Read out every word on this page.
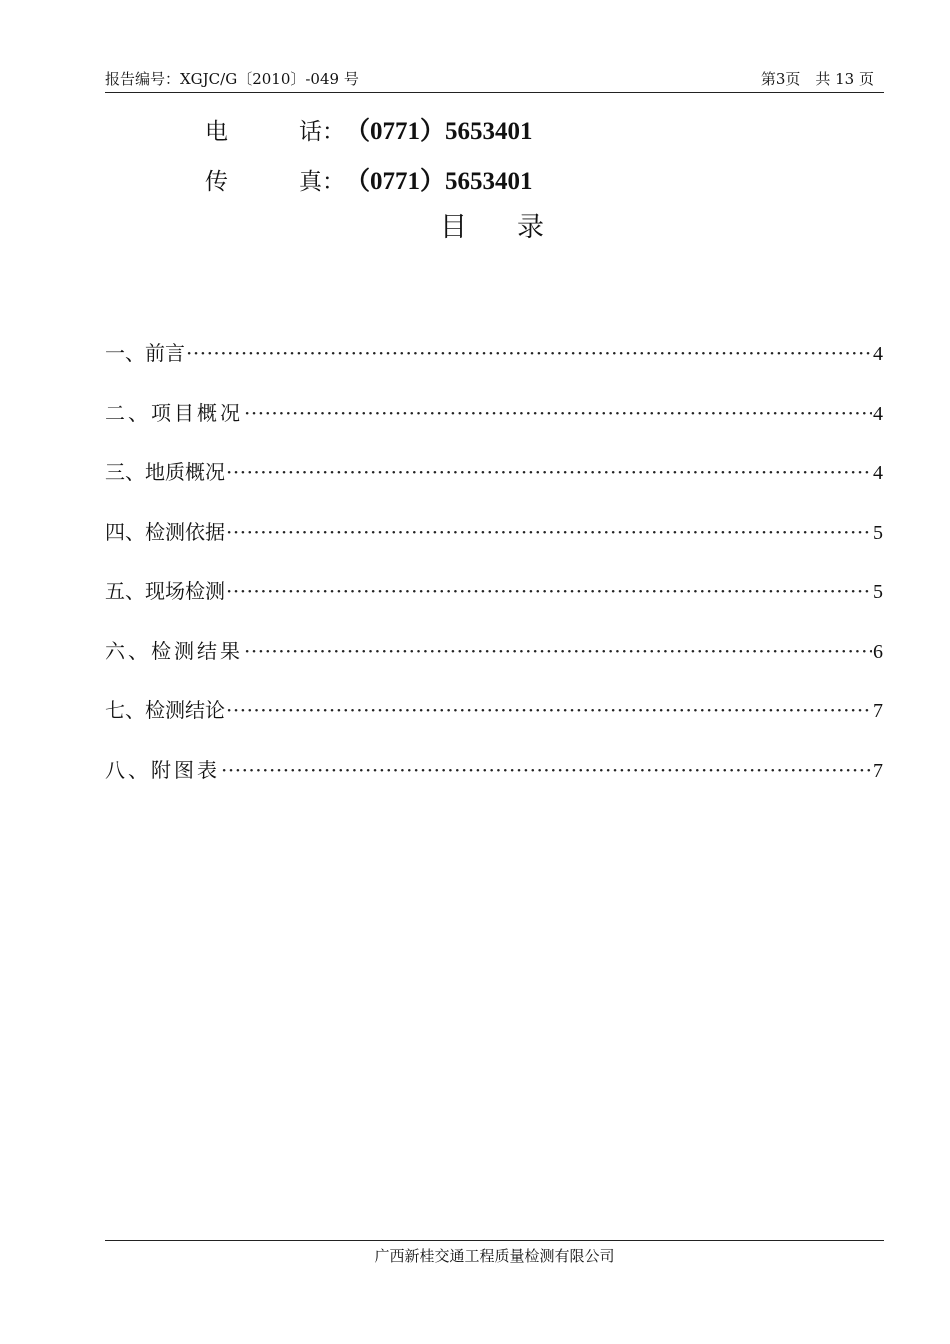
报告编号：XGJC/G〔2010〕-049 号	第3页　共 13 页
电	话：（0771）5653401
传	真：（0771）5653401
目录
一、前言 ·····	4
二、项目概况 ·····	4
三、地质概况 ·····	4
四、检测依据 ·····	5
五、现场检测 ·····	5
六、检测结果 ·····	6
七、检测结论 ·····	7
八、附图表 ·····	7
广西新桂交通工程质量检测有限公司
